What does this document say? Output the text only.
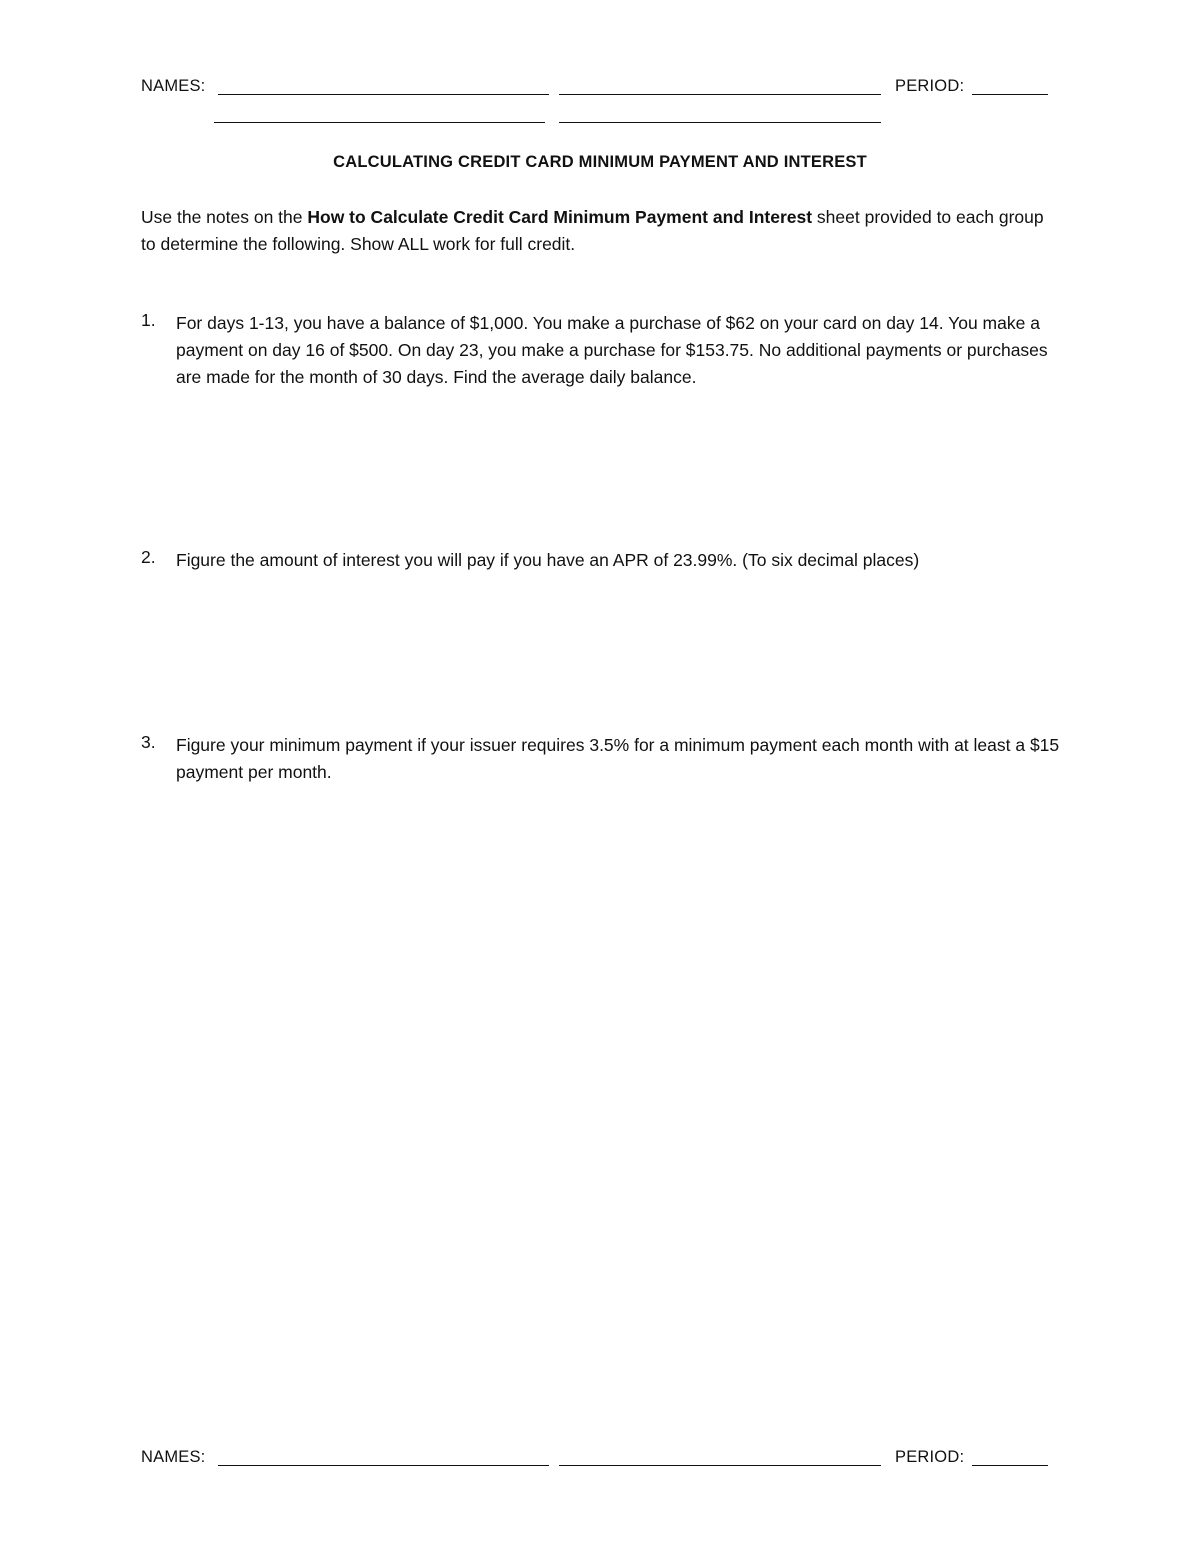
NAMES:	PERIOD:
CALCULATING CREDIT CARD MINIMUM PAYMENT AND INTEREST
Use the notes on the How to Calculate Credit Card Minimum Payment and Interest sheet provided to each group to determine the following. Show ALL work for full credit.
1.	For days 1-13, you have a balance of $1,000. You make a purchase of $62 on your card on day 14. You make a payment on day 16 of $500. On day 23, you make a purchase for $153.75. No additional payments or purchases are made for the month of 30 days. Find the average daily balance.
2.	Figure the amount of interest you will pay if you have an APR of 23.99%. (To six decimal places)
3.	Figure your minimum payment if your issuer requires 3.5% for a minimum payment each month with at least a $15 payment per month.
NAMES:	PERIOD:
